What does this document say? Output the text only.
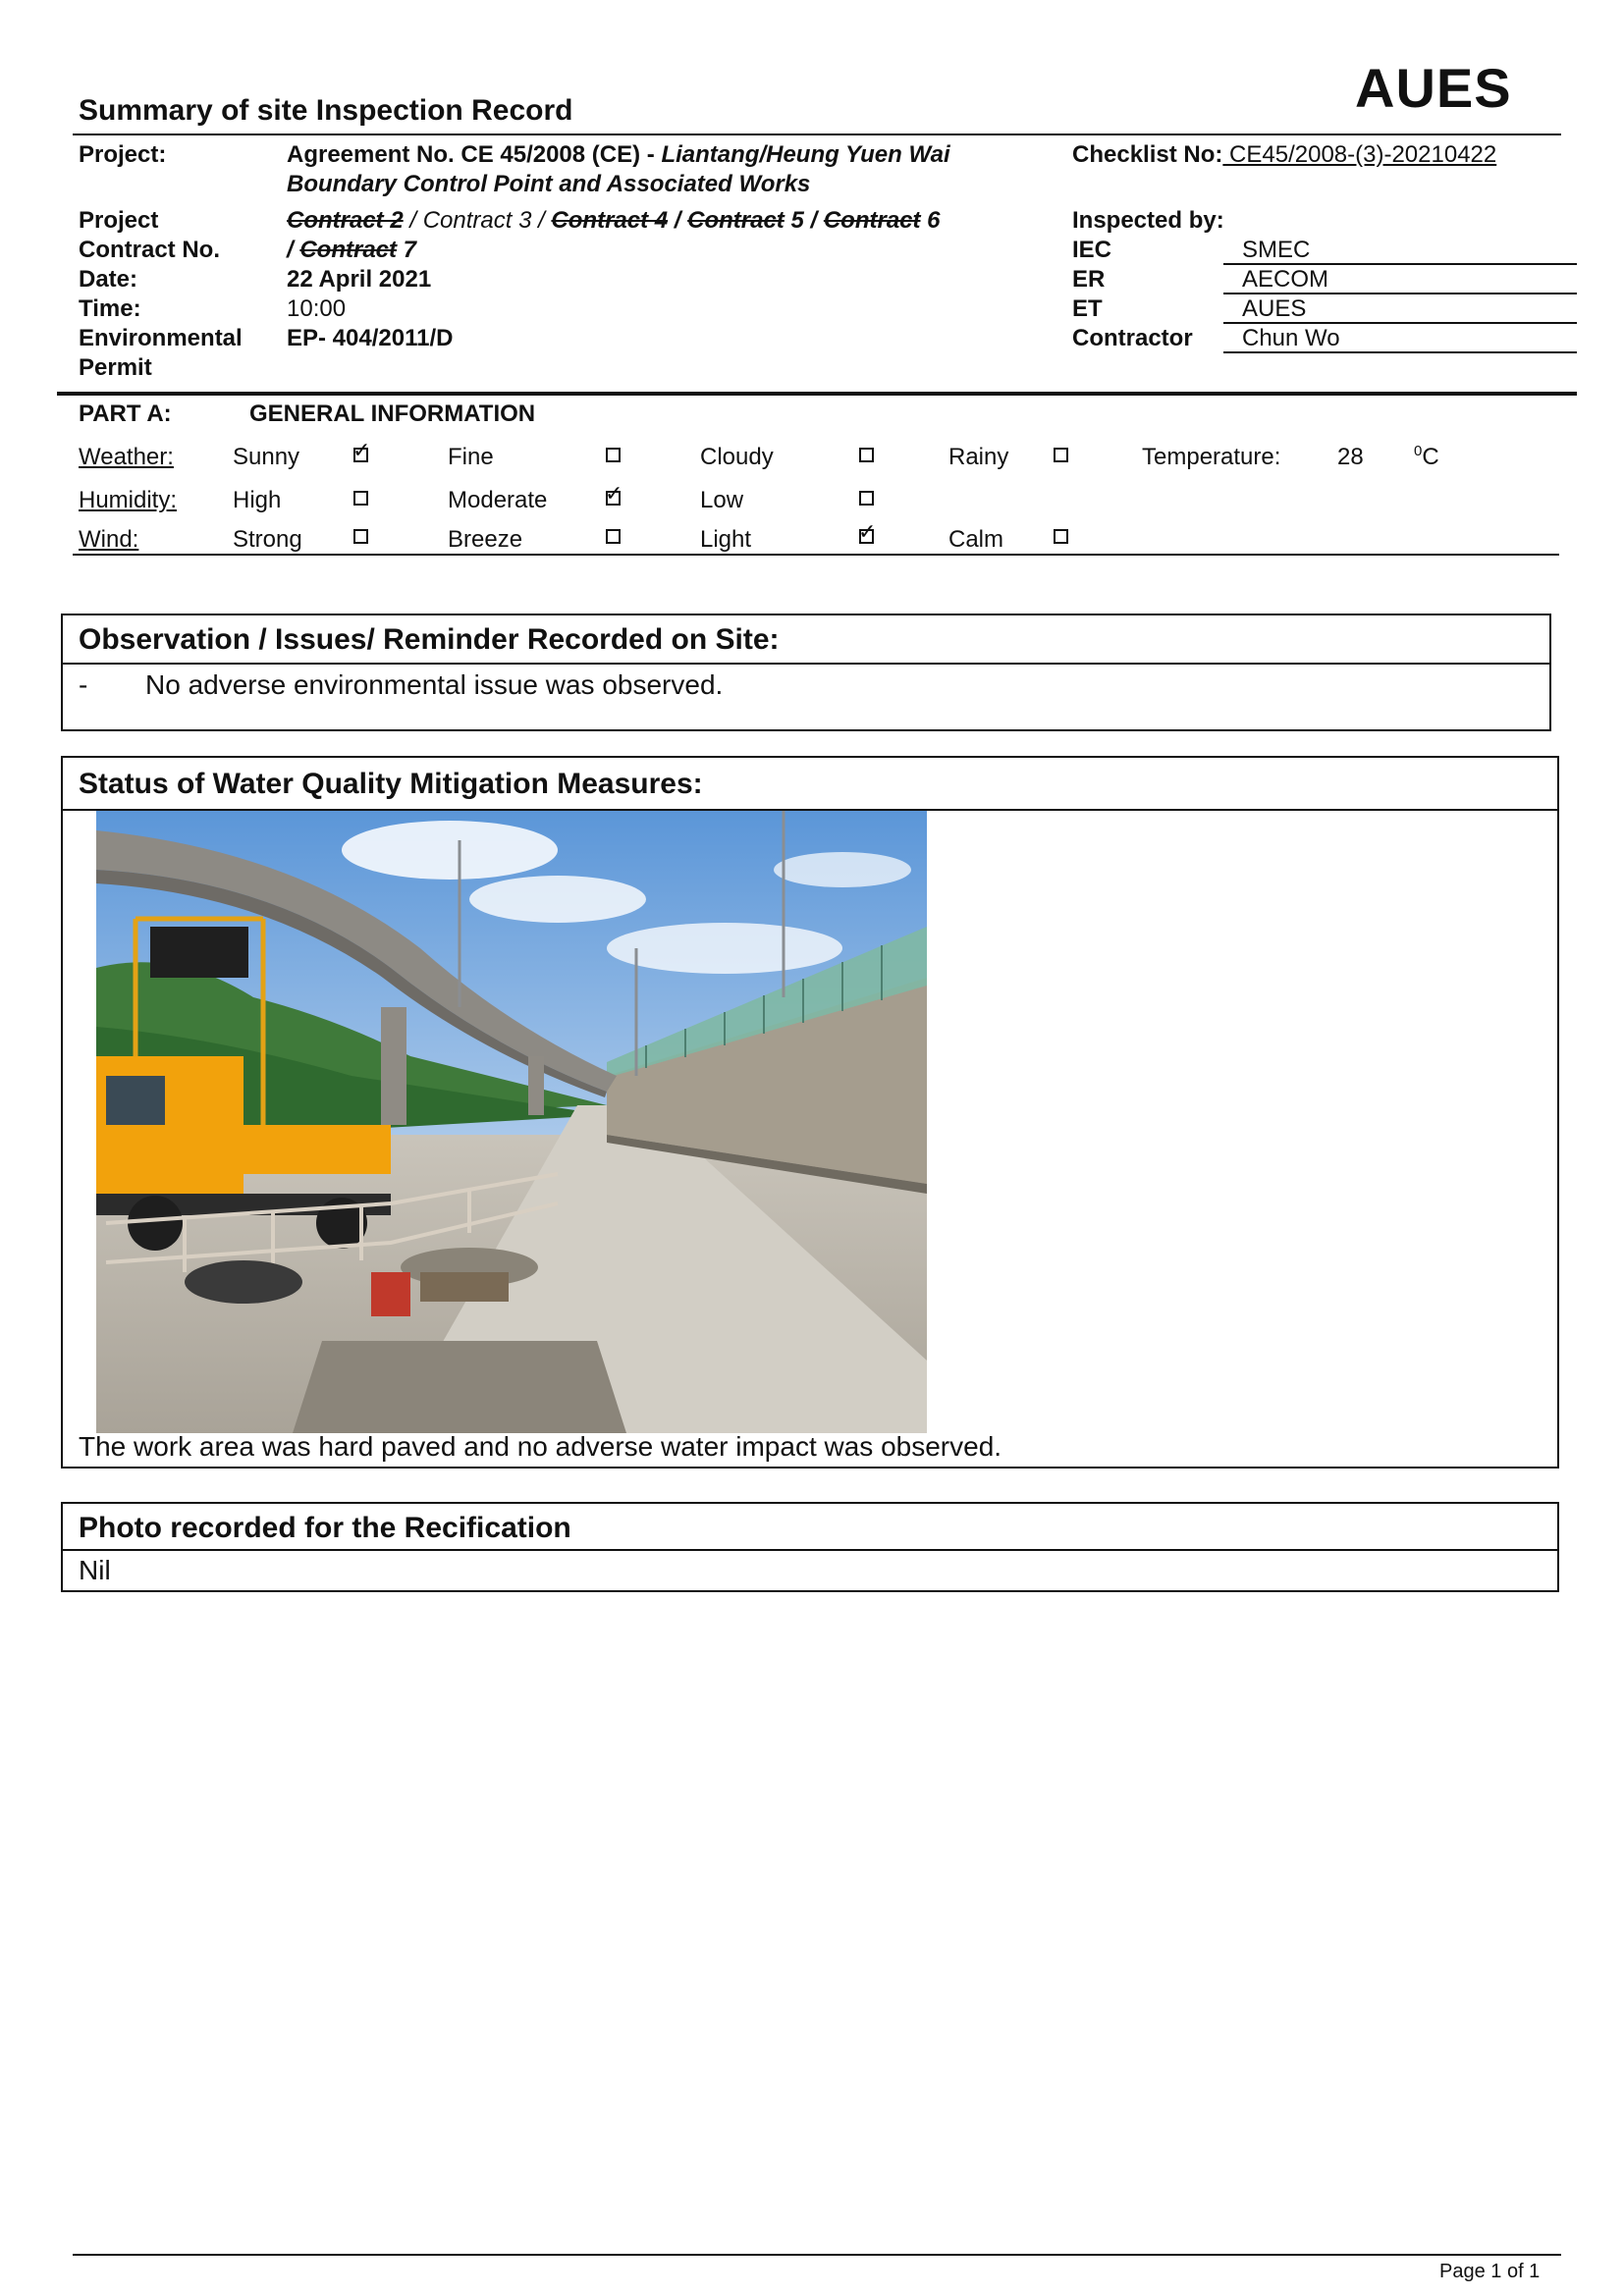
Summary of site Inspection Record	AUES
Project:	Agreement No. CE 45/2008 (CE) - Liantang/Heung Yuen Wai
Boundary Control Point and Associated Works
Checklist No: CE45/2008-(3)-20210422
Project
Contract No.
Contract 2 / Contract 3 / Contract 4 / Contract 5 / Contract 6
/ Contract 7
Date:	22 April 2021
Time:	10:00
Environmental
Permit
EP- 404/2011/D
Inspected by:
IEC	SMEC
ER	AECOM
ET	AUES
Contractor Chun Wo
PART A:	GENERAL INFORMATION
Weather:	Sunny ✓	Fine	Cloudy	Rainy	Temperature: 28	$^0$C
Humidity: High	Moderate	✓	Low
Wind:	Strong	Breeze	Light	✓	Calm
Observation / Issues/ Reminder Recorded on Site:
- No adverse environmental issue was observed.
Status of Water Quality Mitigation Measures:
The work area was hard paved and no adverse water impact was observed.
Photo recorded for the Recification
Nil
Page 1 of 1
